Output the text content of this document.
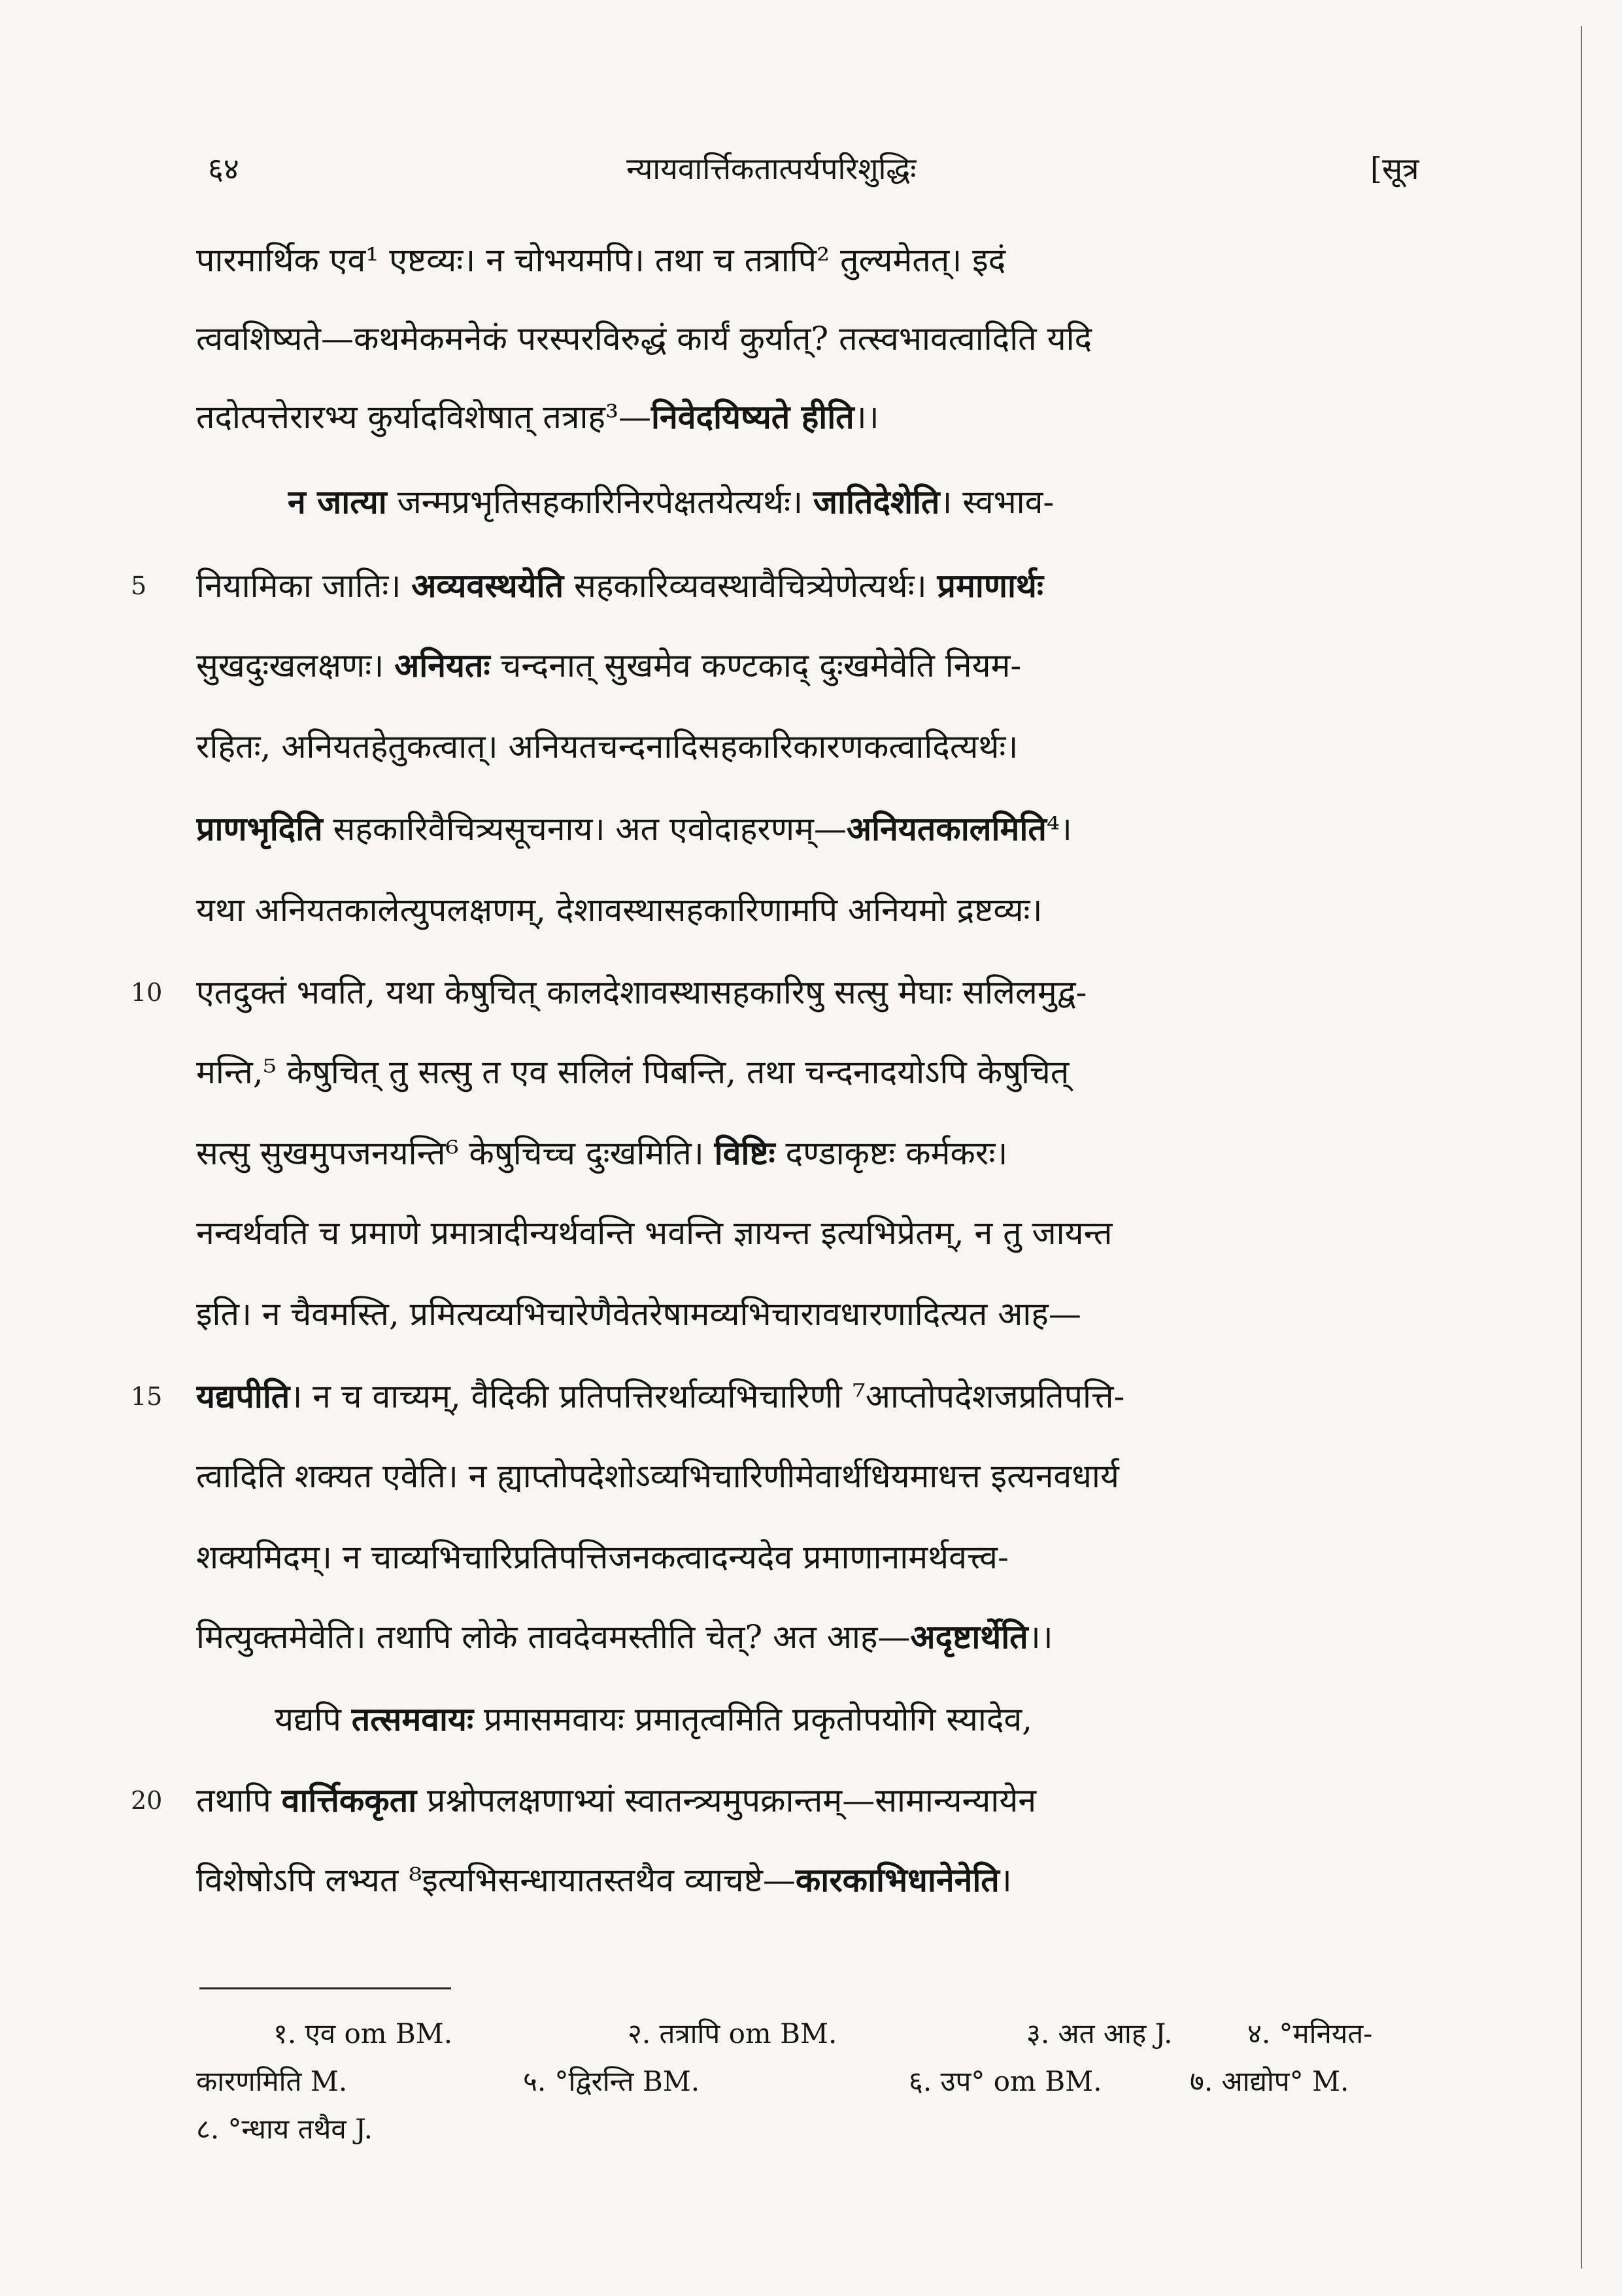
६४	न्यायवार्त्तिकतात्पर्यपरिशुद्धिः	[सूत्र
पारमार्थिक एव¹ एष्टव्यः। न चोभयमपि। तथा च तत्रापि² तुल्यमेतत्। इदं
त्ववशिष्यते—कथमेकमनेकं परस्परविरुद्धं कार्यं कुर्यात्? तत्स्वभावत्वादिति यदि
तदोत्पत्तेरारभ्य कुर्यादविशेषात् तत्राह³—निवेदयिष्यते हीति।।
न जात्या जन्मप्रभृतिसहकारिनिरपेक्षतयेत्यर्थः। जातिदेशेति। स्वभाव-
5 नियामिका जातिः। अव्यवस्थयेति सहकारिव्यवस्थावैचित्र्येणेत्यर्थः। प्रमाणार्थः
सुखदुःखलक्षणः। अनियतः चन्दनात् सुखमेव कण्टकाद् दुःखमेवेति नियम-
रहितः, अनियतहेतुकत्वात्। अनियतचन्दनादिसहकारिकारणकत्वादित्यर्थः।
प्राणभृदिति सहकारिवैचित्र्यसूचनाय। अत एवोदाहरणम्—अनियतकालमिति⁴।
यथा अनियतकालेत्युपलक्षणम्, देशावस्थासहकारिणामपि अनियमो द्रष्टव्यः।
10 एतदुक्तं भवति, यथा केषुचित् कालदेशावस्थासहकारिषु सत्सु मेघाः सलिलमुद्व-
मन्ति,⁵ केषुचित् तु सत्सु त एव सलिलं पिबन्ति, तथा चन्दनादयोऽपि केषुचित्
सत्सु सुखमुपजनयन्ति⁶ केषुचिच्च दुःखमिति। विष्टिः दण्डाकृष्टः कर्मकरः।
नन्वर्थवति च प्रमाणे प्रमात्रादीन्यर्थवन्ति भवन्ति ज्ञायन्त इत्यभिप्रेतम्, न तु जायन्त
इति। न चैवमस्ति, प्रमित्यव्यभिचारेणैवेतरेषामव्यभिचारावधारणादित्यत आह—
15 यद्यपीति। न च वाच्यम्, वैदिकी प्रतिपत्तिरर्थाव्यभिचारिणी ⁷आप्तोपदेशजप्रतिपत्ति-
त्वादिति शक्यत एवेति। न ह्याप्तोपदेशोऽव्यभिचारिणीमेवार्थधियमाधत्त इत्यनवधार्य
शक्यमिदम्। न चाव्यभिचारिप्रतिपत्तिजनकत्वादन्यदेव प्रमाणानामर्थवत्त्व-
मित्युक्तमेवेति। तथापि लोके तावदेवमस्तीति चेत्? अत आह—अदृष्टार्थेति।।
यद्यपि तत्समवायः प्रमासमवायः प्रमातृत्वमिति प्रकृतोपयोगि स्यादेव,
20 तथापि वार्त्तिककृता प्रश्नोपलक्षणाभ्यां स्वातन्त्र्यमुपक्रान्तम्—सामान्यन्यायेन
विशेषोऽपि लभ्यत ⁸इत्यभिसन्धायातस्तथैव व्याचष्टे—कारकाभिधानेनेति।
१. एव om BM.	२. तत्रापि om BM.	३. अत आह J.	४. °मनियत-
कारणमिति M.	५. °द्विरन्ति BM.	६. उप° om BM.	७. आद्योप° M.
८. °न्धाय तथैव J.
